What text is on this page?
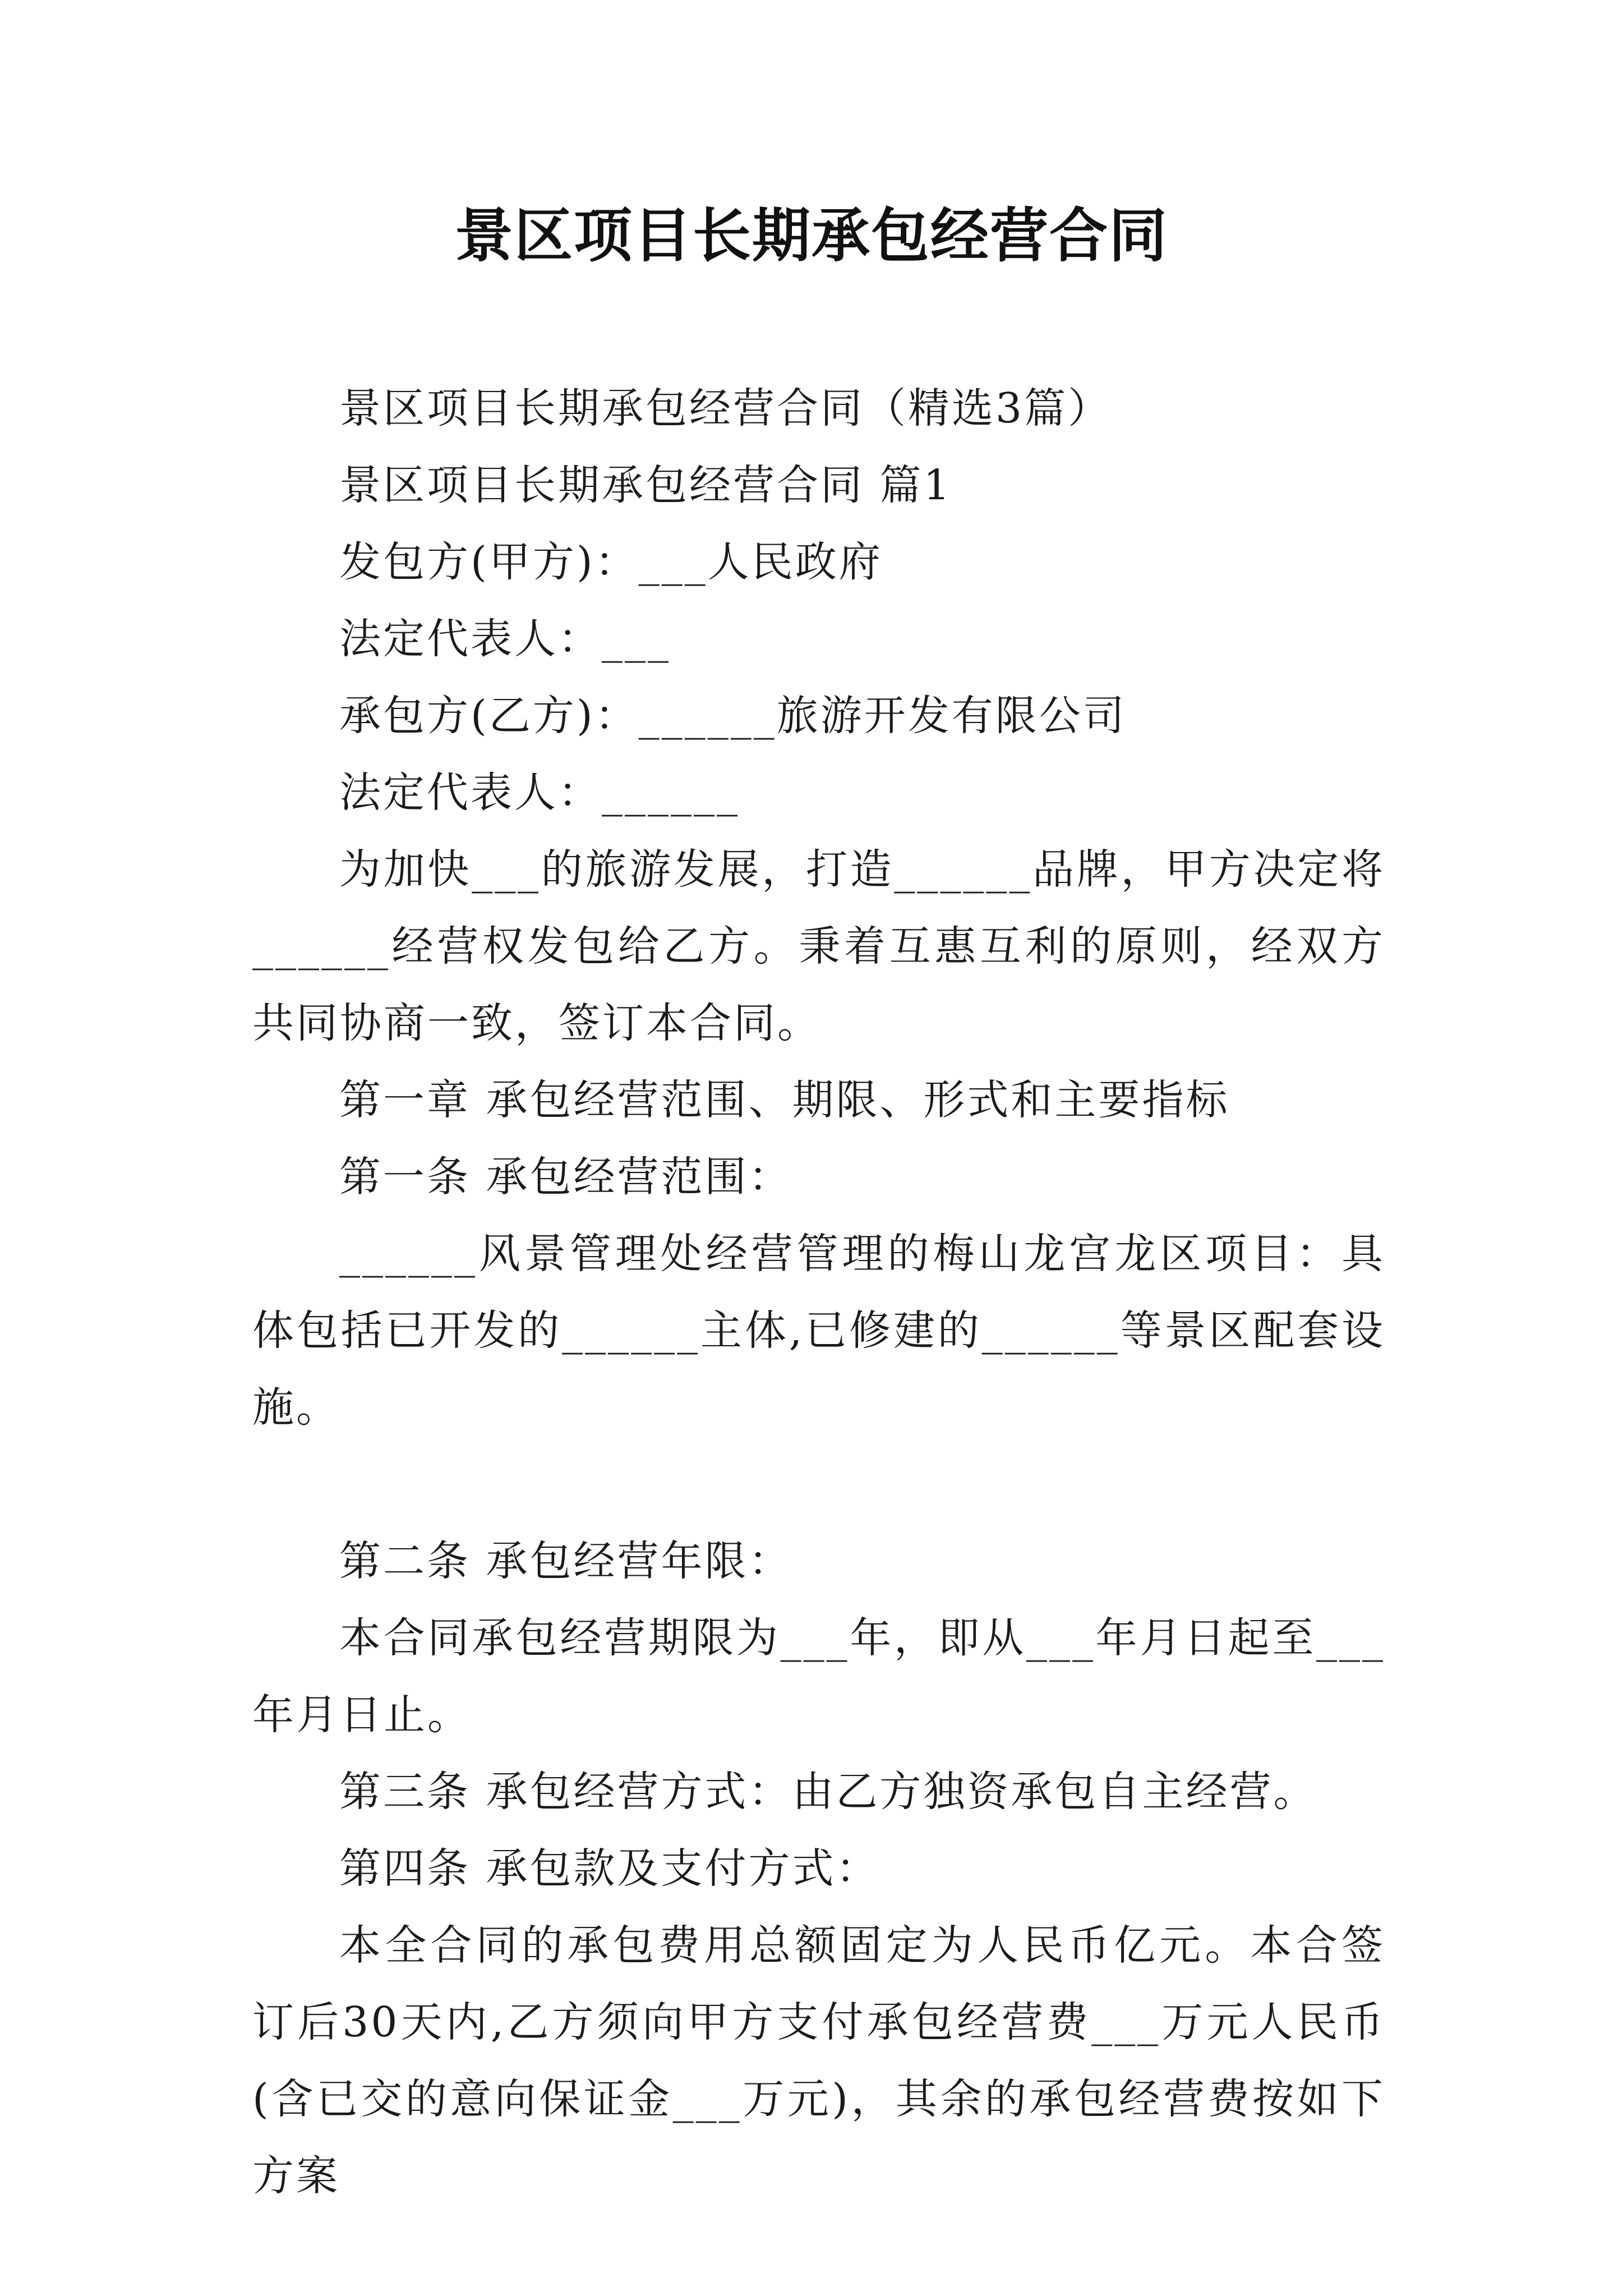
景区项目长期承包经营合同

景区项目长期承包经营合同（精选3篇）

景区项目长期承包经营合同 篇1

发包方(甲方)：___人民政府

法定代表人：___

承包方(乙方)：______旅游开发有限公司

法定代表人：______

为加快___的旅游发展，打造______品牌，甲方决定将______经营权发包给乙方。秉着互惠互利的原则，经双方共同协商一致，签订本合同。

第一章 承包经营范围、期限、形式和主要指标

第一条 承包经营范围：

______风景管理处经营管理的梅山龙宫龙区项目：具体包括已开发的______主体,已修建的______等景区配套设施。

第二条 承包经营年限：

本合同承包经营期限为___年，即从___年月日起至___年月日止。

第三条 承包经营方式：由乙方独资承包自主经营。

第四条 承包款及支付方式：

本全合同的承包费用总额固定为人民币亿元。本合签订后30天内,乙方须向甲方支付承包经营费___万元人民币(含已交的意向保证金___万元)，其余的承包经营费按如下方案
